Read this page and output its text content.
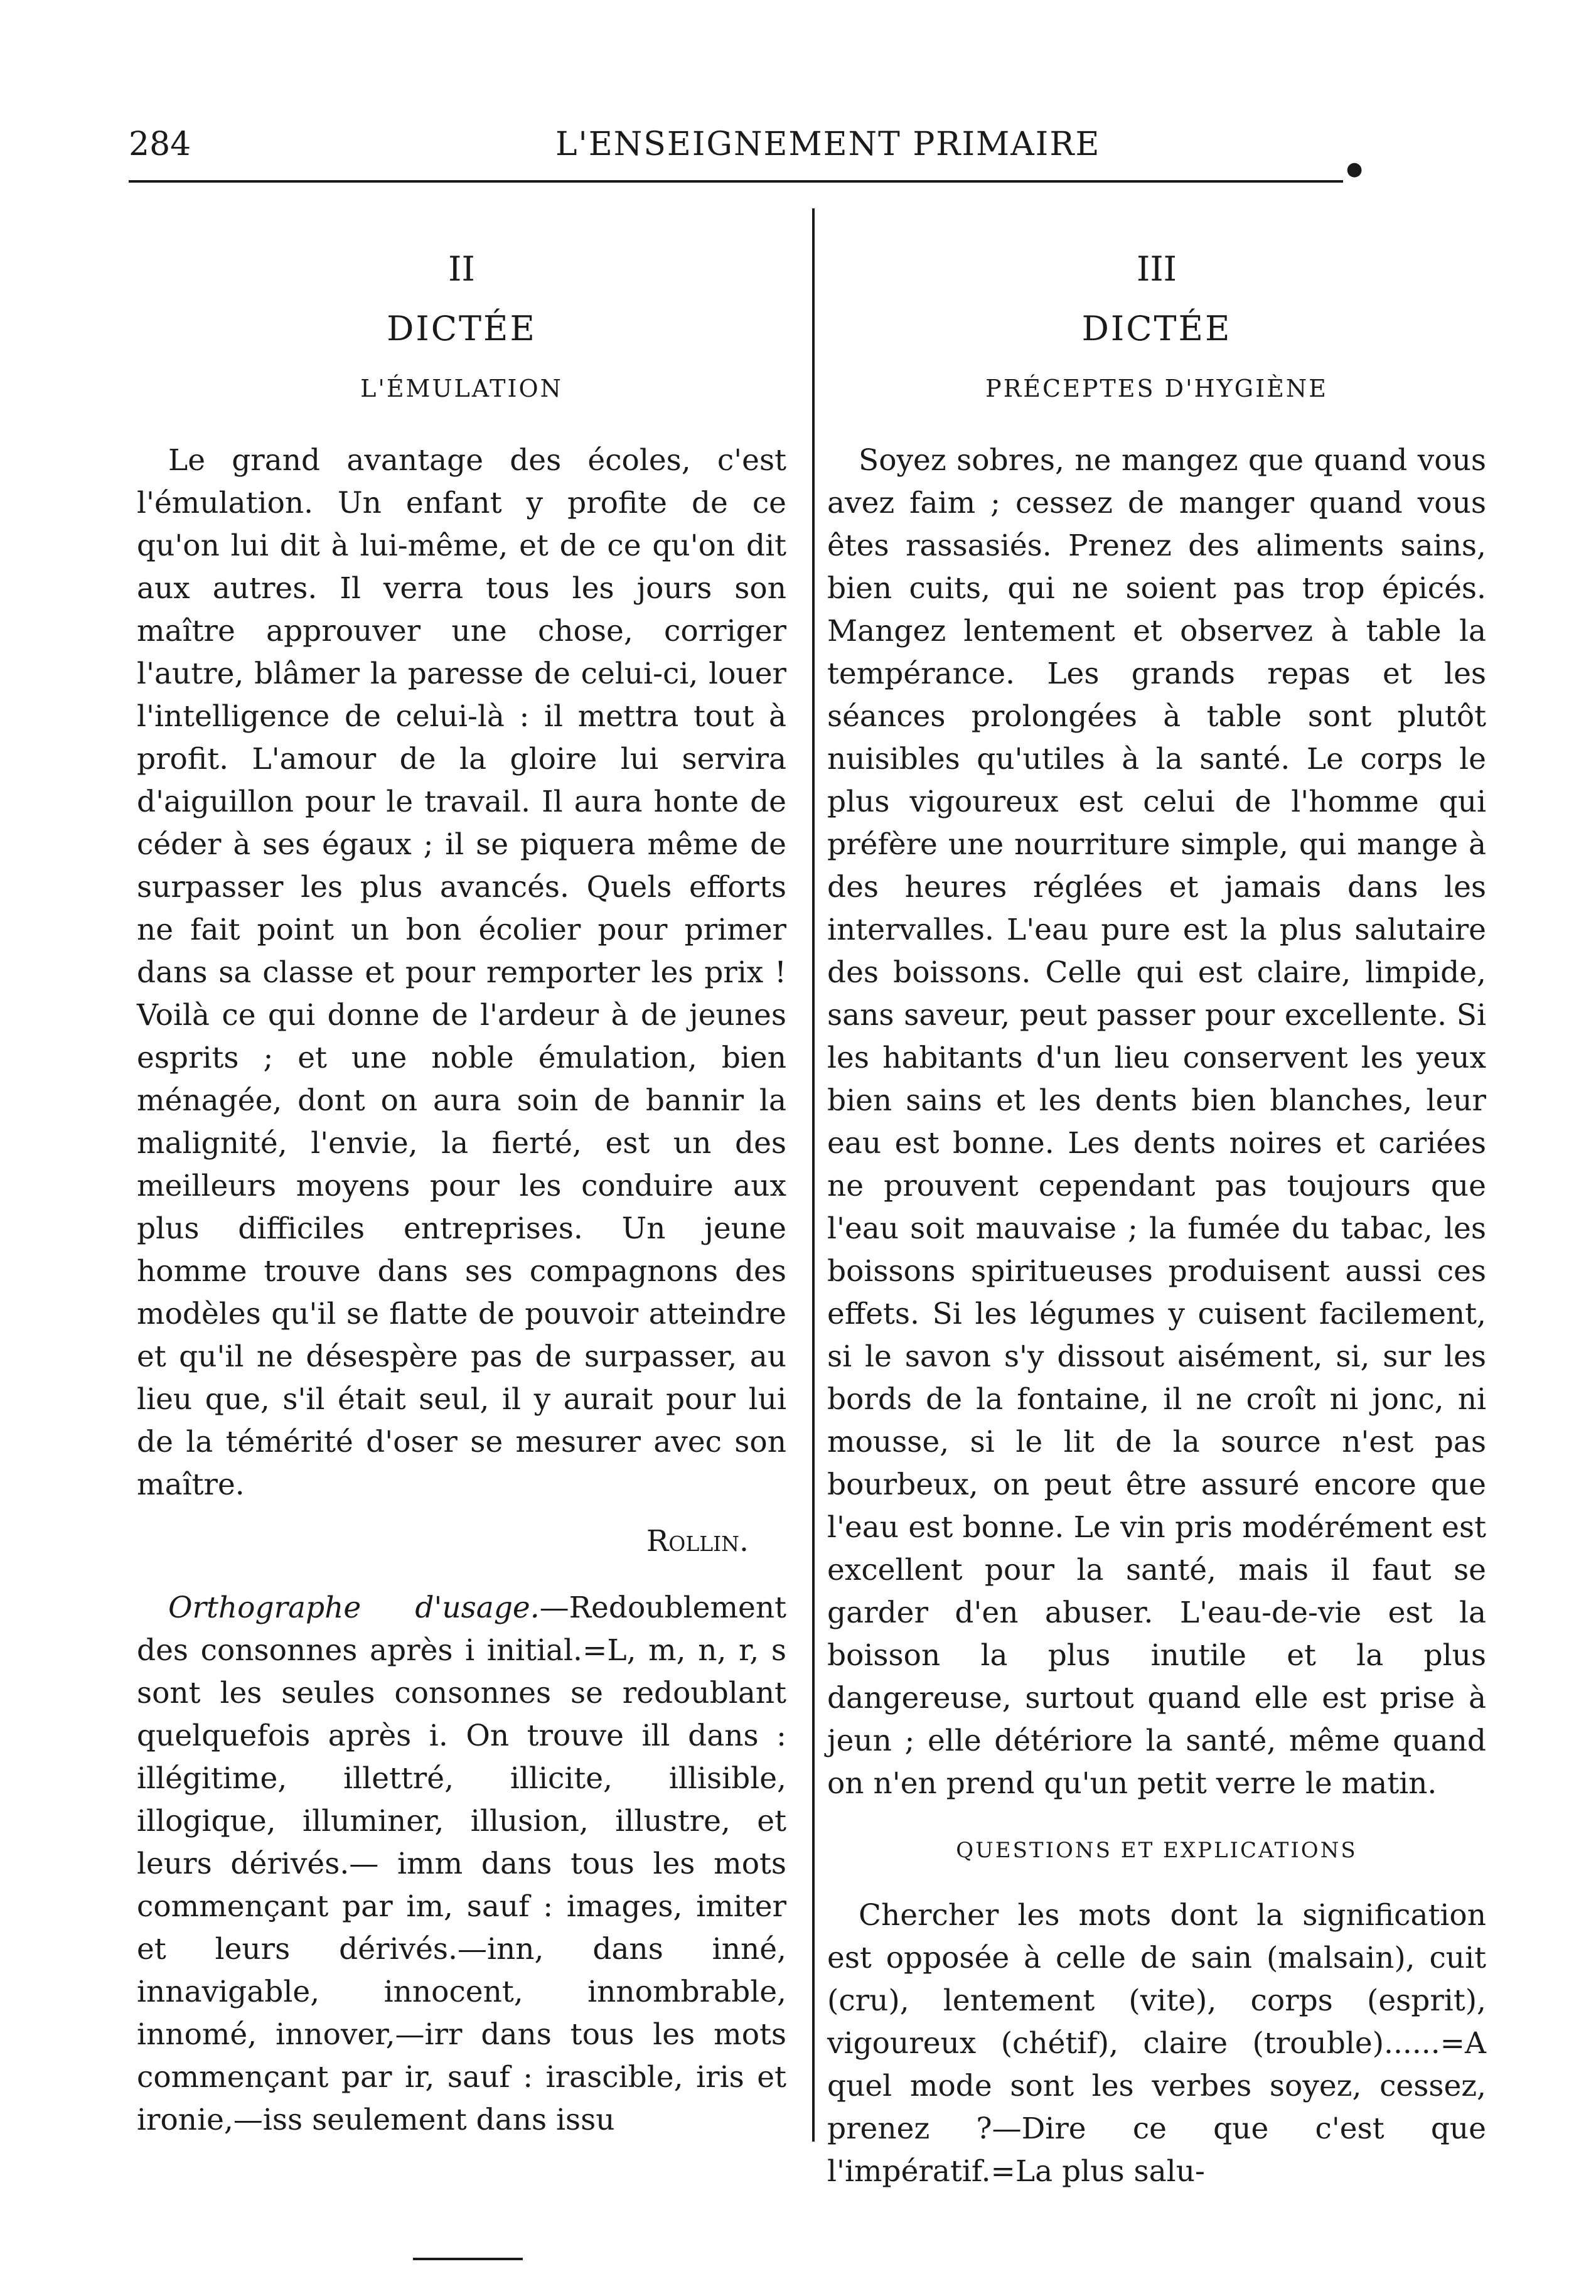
284	L'ENSEIGNEMENT PRIMAIRE
●
II
DICTÉE
L'ÉMULATION

Le grand avantage des écoles, c'est l'émulation. Un enfant y profite de ce qu'on lui dit à lui-même, et de ce qu'on dit aux autres. Il verra tous les jours son maître approuver une chose, corriger l'autre, blâmer la paresse de celui-ci, louer l'intelligence de celui-là : il mettra tout à profit. L'amour de la gloire lui servira d'aiguillon pour le travail. Il aura honte de céder à ses égaux ; il se piquera même de surpasser les plus avancés. Quels efforts ne fait point un bon écolier pour primer dans sa classe et pour remporter les prix ! Voilà ce qui donne de l'ardeur à de jeunes esprits ; et une noble émulation, bien ménagée, dont on aura soin de bannir la malignité, l'envie, la fierté, est un des meilleurs moyens pour les conduire aux plus difficiles entreprises. Un jeune homme trouve dans ses compagnons des modèles qu'il se flatte de pouvoir atteindre et qu'il ne désespère pas de surpasser, au lieu que, s'il était seul, il y aurait pour lui de la témérité d'oser se mesurer avec son maître.

Rollin.

Orthographe d'usage.—Redoublement des consonnes après i initial.=L, m, n, r, s sont les seules consonnes se redoublant quelquefois après i. On trouve ill dans : illégitime, illettré, illicite, illisible, illogique, illuminer, illusion, illustre, et leurs dérivés.— imm dans tous les mots commençant par im, sauf : images, imiter et leurs dérivés.—inn, dans inné, innavigable, innocent, innombrable, innomé, innover,—irr dans tous les mots commençant par ir, sauf : irascible, iris et ironie,—iss seulement dans issu

III
DICTÉE
PRÉCEPTES D'HYGIÈNE

Soyez sobres, ne mangez que quand vous avez faim ; cessez de manger quand vous êtes rassasiés. Prenez des aliments sains, bien cuits, qui ne soient pas trop épicés. Mangez lentement et observez à table la tempérance. Les grands repas et les séances prolongées à table sont plutôt nuisibles qu'utiles à la santé. Le corps le plus vigoureux est celui de l'homme qui préfère une nourriture simple, qui mange à des heures réglées et jamais dans les intervalles. L'eau pure est la plus salutaire des boissons. Celle qui est claire, limpide, sans saveur, peut passer pour excellente. Si les habitants d'un lieu conservent les yeux bien sains et les dents bien blanches, leur eau est bonne. Les dents noires et cariées ne prouvent cependant pas toujours que l'eau soit mauvaise ; la fumée du tabac, les boissons spiritueuses produisent aussi ces effets. Si les légumes y cuisent facilement, si le savon s'y dissout aisément, si, sur les bords de la fontaine, il ne croît ni jonc, ni mousse, si le lit de la source n'est pas bourbeux, on peut être assuré encore que l'eau est bonne. Le vin pris modérément est excellent pour la santé, mais il faut se garder d'en abuser. L'eau-de-vie est la boisson la plus inutile et la plus dangereuse, surtout quand elle est prise à jeun ; elle détériore la santé, même quand on n'en prend qu'un petit verre le matin.

QUESTIONS ET EXPLICATIONS

Chercher les mots dont la signification est opposée à celle de sain (malsain), cuit (cru), lentement (vite), corps (esprit), vigoureux (chétif), claire (trouble)......=A quel mode sont les verbes soyez, cessez, prenez ?—Dire ce que c'est que l'impératif.=La plus salu-
